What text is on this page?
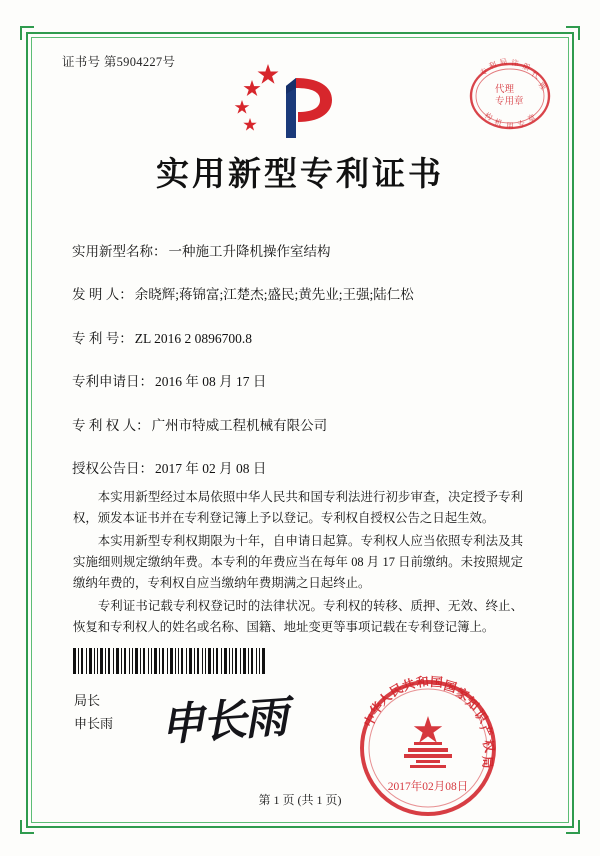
证书号 第5904227号
专
利 局 注 册
代
理
构
机 用 专
章
代理
专用章
实用新型专利证书
实用新型名称： 一种施工升降机操作室结构
发 明 人： 余晓辉;蒋锦富;江楚杰;盛民;黄先业;王强;陆仁松
专 利 号： ZL 2016 2 0896700.8
专利申请日： 2016 年 08 月 17 日
专 利 权 人： 广州市特威工程机械有限公司
授权公告日： 2017 年 02 月 08 日

本实用新型经过本局依照中华人民共和国专利法进行初步审查，决定授予专利权，颁发本证书并在专利登记簿上予以登记。专利权自授权公告之日起生效。

本实用新型专利权期限为十年，自申请日起算。专利权人应当依照专利法及其实施细则规定缴纳年费。本专利的年费应当在每年 08 月 17 日前缴纳。未按照规定缴纳年费的，专利权自应当缴纳年费期满之日起终止。

专利证书记载专利权登记时的法律状况。专利权的转移、质押、无效、终止、恢复和专利权人的姓名或名称、国籍、地址变更等事项记载在专利登记簿上。

局长
申长雨 申长雨	中
华
人
民
共
和 国
国
家
知
识
产
权
局
2017年02月08日
第 1 页 (共 1 页)
